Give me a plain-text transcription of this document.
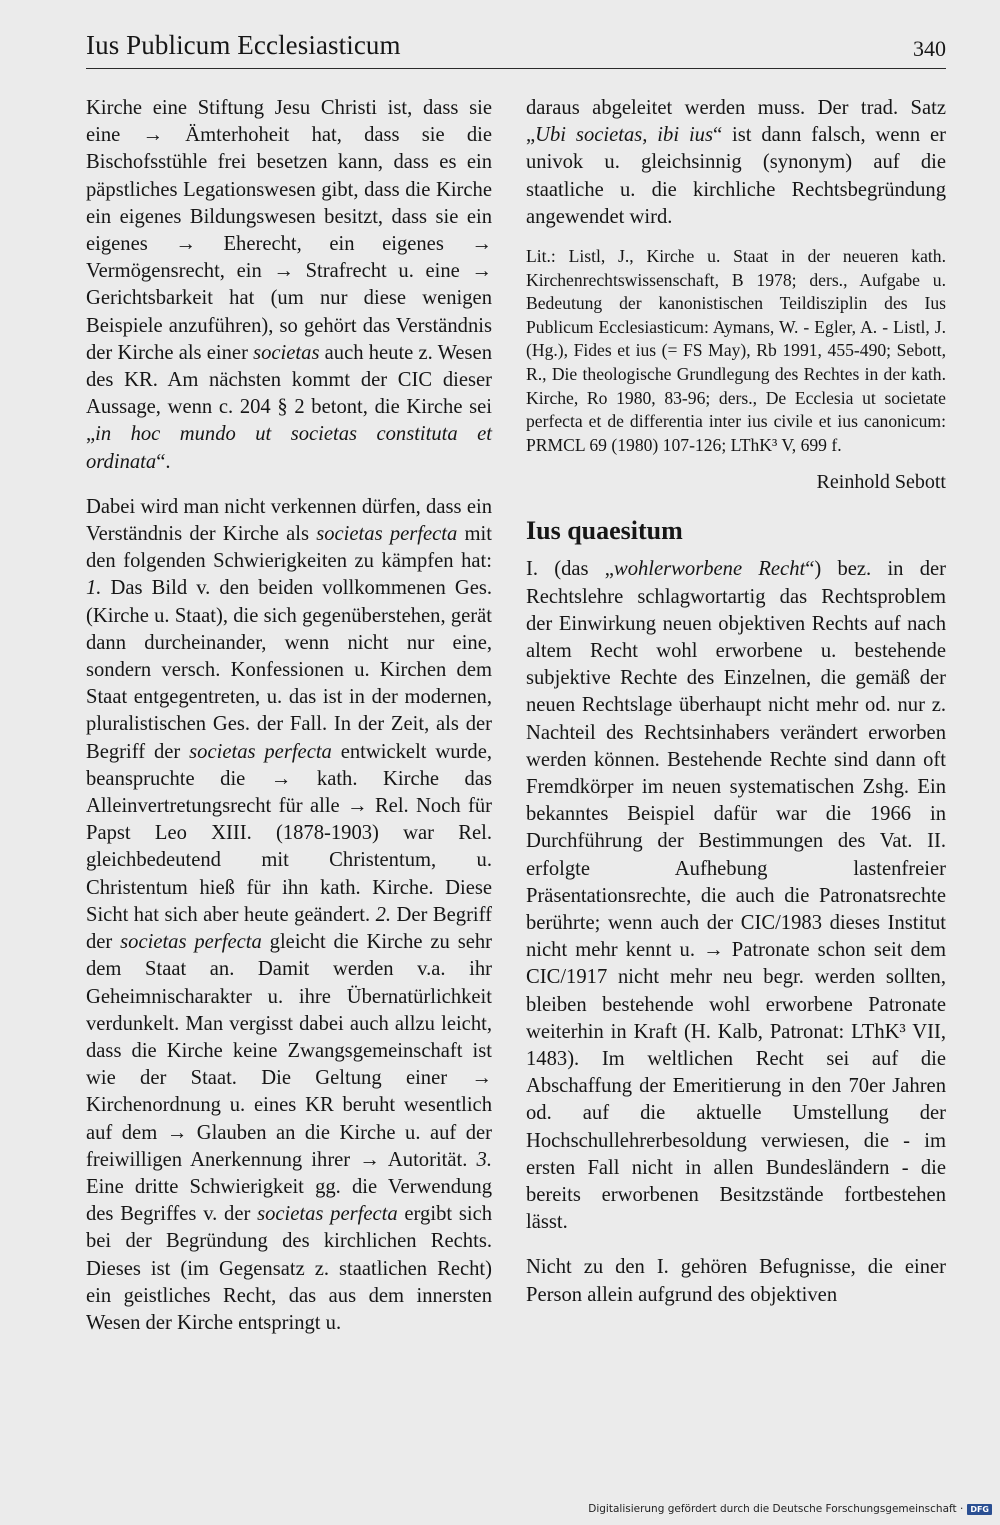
Ius Publicum Ecclesiasticum	340

Kirche eine Stiftung Jesu Christi ist, dass sie eine → Ämterhoheit hat, dass sie die Bischofsstühle frei besetzen kann, dass es ein päpstliches Legationswesen gibt, dass die Kirche ein eigenes Bildungswesen besitzt, dass sie ein eigenes → Eherecht, ein eigenes → Vermögensrecht, ein → Strafrecht u. eine → Gerichtsbarkeit hat (um nur diese wenigen Beispiele anzuführen), so gehört das Verständnis der Kirche als einer societas auch heute z. Wesen des KR. Am nächsten kommt der CIC dieser Aussage, wenn c. 204 § 2 betont, die Kirche sei „in hoc mundo ut societas constituta et ordinata“.

Dabei wird man nicht verkennen dürfen, dass ein Verständnis der Kirche als societas perfecta mit den folgenden Schwierigkeiten zu kämpfen hat: 1. Das Bild v. den beiden vollkommenen Ges. (Kirche u. Staat), die sich gegenüberstehen, gerät dann durcheinander, wenn nicht nur eine, sondern versch. Konfessionen u. Kirchen dem Staat entgegentreten, u. das ist in der modernen, pluralistischen Ges. der Fall. In der Zeit, als der Begriff der societas perfecta entwickelt wurde, beanspruchte die → kath. Kirche das Alleinvertretungsrecht für alle → Rel. Noch für Papst Leo XIII. (1878-1903) war Rel. gleichbedeutend mit Christentum, u. Christentum hieß für ihn kath. Kirche. Diese Sicht hat sich aber heute geändert. 2. Der Begriff der societas perfecta gleicht die Kirche zu sehr dem Staat an. Damit werden v.a. ihr Geheimnischarakter u. ihre Übernatürlichkeit verdunkelt. Man vergisst dabei auch allzu leicht, dass die Kirche keine Zwangsgemeinschaft ist wie der Staat. Die Geltung einer → Kirchenordnung u. eines KR beruht wesentlich auf dem → Glauben an die Kirche u. auf der freiwilligen Anerkennung ihrer → Autorität. 3. Eine dritte Schwierigkeit gg. die Verwendung des Begriffes v. der societas perfecta ergibt sich bei der Begründung des kirchlichen Rechts. Dieses ist (im Gegensatz z. staatlichen Recht) ein geistliches Recht, das aus dem innersten Wesen der Kirche entspringt u.

daraus abgeleitet werden muss. Der trad. Satz „Ubi societas, ibi ius“ ist dann falsch, wenn er univok u. gleichsinnig (synonym) auf die staatliche u. die kirchliche Rechtsbegründung angewendet wird.

Lit.: Listl, J., Kirche u. Staat in der neueren kath. Kirchenrechtswissenschaft, B 1978; ders., Aufgabe u. Bedeutung der kanonistischen Teildisziplin des Ius Publicum Ecclesiasticum: Aymans, W. - Egler, A. - Listl, J. (Hg.), Fides et ius (= FS May), Rb 1991, 455-490; Sebott, R., Die theologische Grundlegung des Rechtes in der kath. Kirche, Ro 1980, 83-96; ders., De Ecclesia ut societate perfecta et de differentia inter ius civile et ius canonicum: PRMCL 69 (1980) 107-126; LThK³ V, 699 f.

Reinhold Sebott

Ius quaesitum

I. (das „wohlerworbene Recht“) bez. in der Rechtslehre schlagwortartig das Rechtsproblem der Einwirkung neuen objektiven Rechts auf nach altem Recht wohl erworbene u. bestehende subjektive Rechte des Einzelnen, die gemäß der neuen Rechtslage überhaupt nicht mehr od. nur z. Nachteil des Rechtsinhabers verändert erworben werden können. Bestehende Rechte sind dann oft Fremdkörper im neuen systematischen Zshg. Ein bekanntes Beispiel dafür war die 1966 in Durchführung der Bestimmungen des Vat. II. erfolgte Aufhebung lastenfreier Präsentationsrechte, die auch die Patronatsrechte berührte; wenn auch der CIC/1983 dieses Institut nicht mehr kennt u. → Patronate schon seit dem CIC/1917 nicht mehr neu begr. werden sollten, bleiben bestehende wohl erworbene Patronate weiterhin in Kraft (H. Kalb, Patronat: LThK³ VII, 1483). Im weltlichen Recht sei auf die Abschaffung der Emeritierung in den 70er Jahren od. auf die aktuelle Umstellung der Hochschullehrerbesoldung verwiesen, die - im ersten Fall nicht in allen Bundesländern - die bereits erworbenen Besitzstände fortbestehen lässt.

Nicht zu den I. gehören Befugnisse, die einer Person allein aufgrund des objektiven

Digitalisierung gefördert durch die Deutsche Forschungsgemeinschaft · DFG
